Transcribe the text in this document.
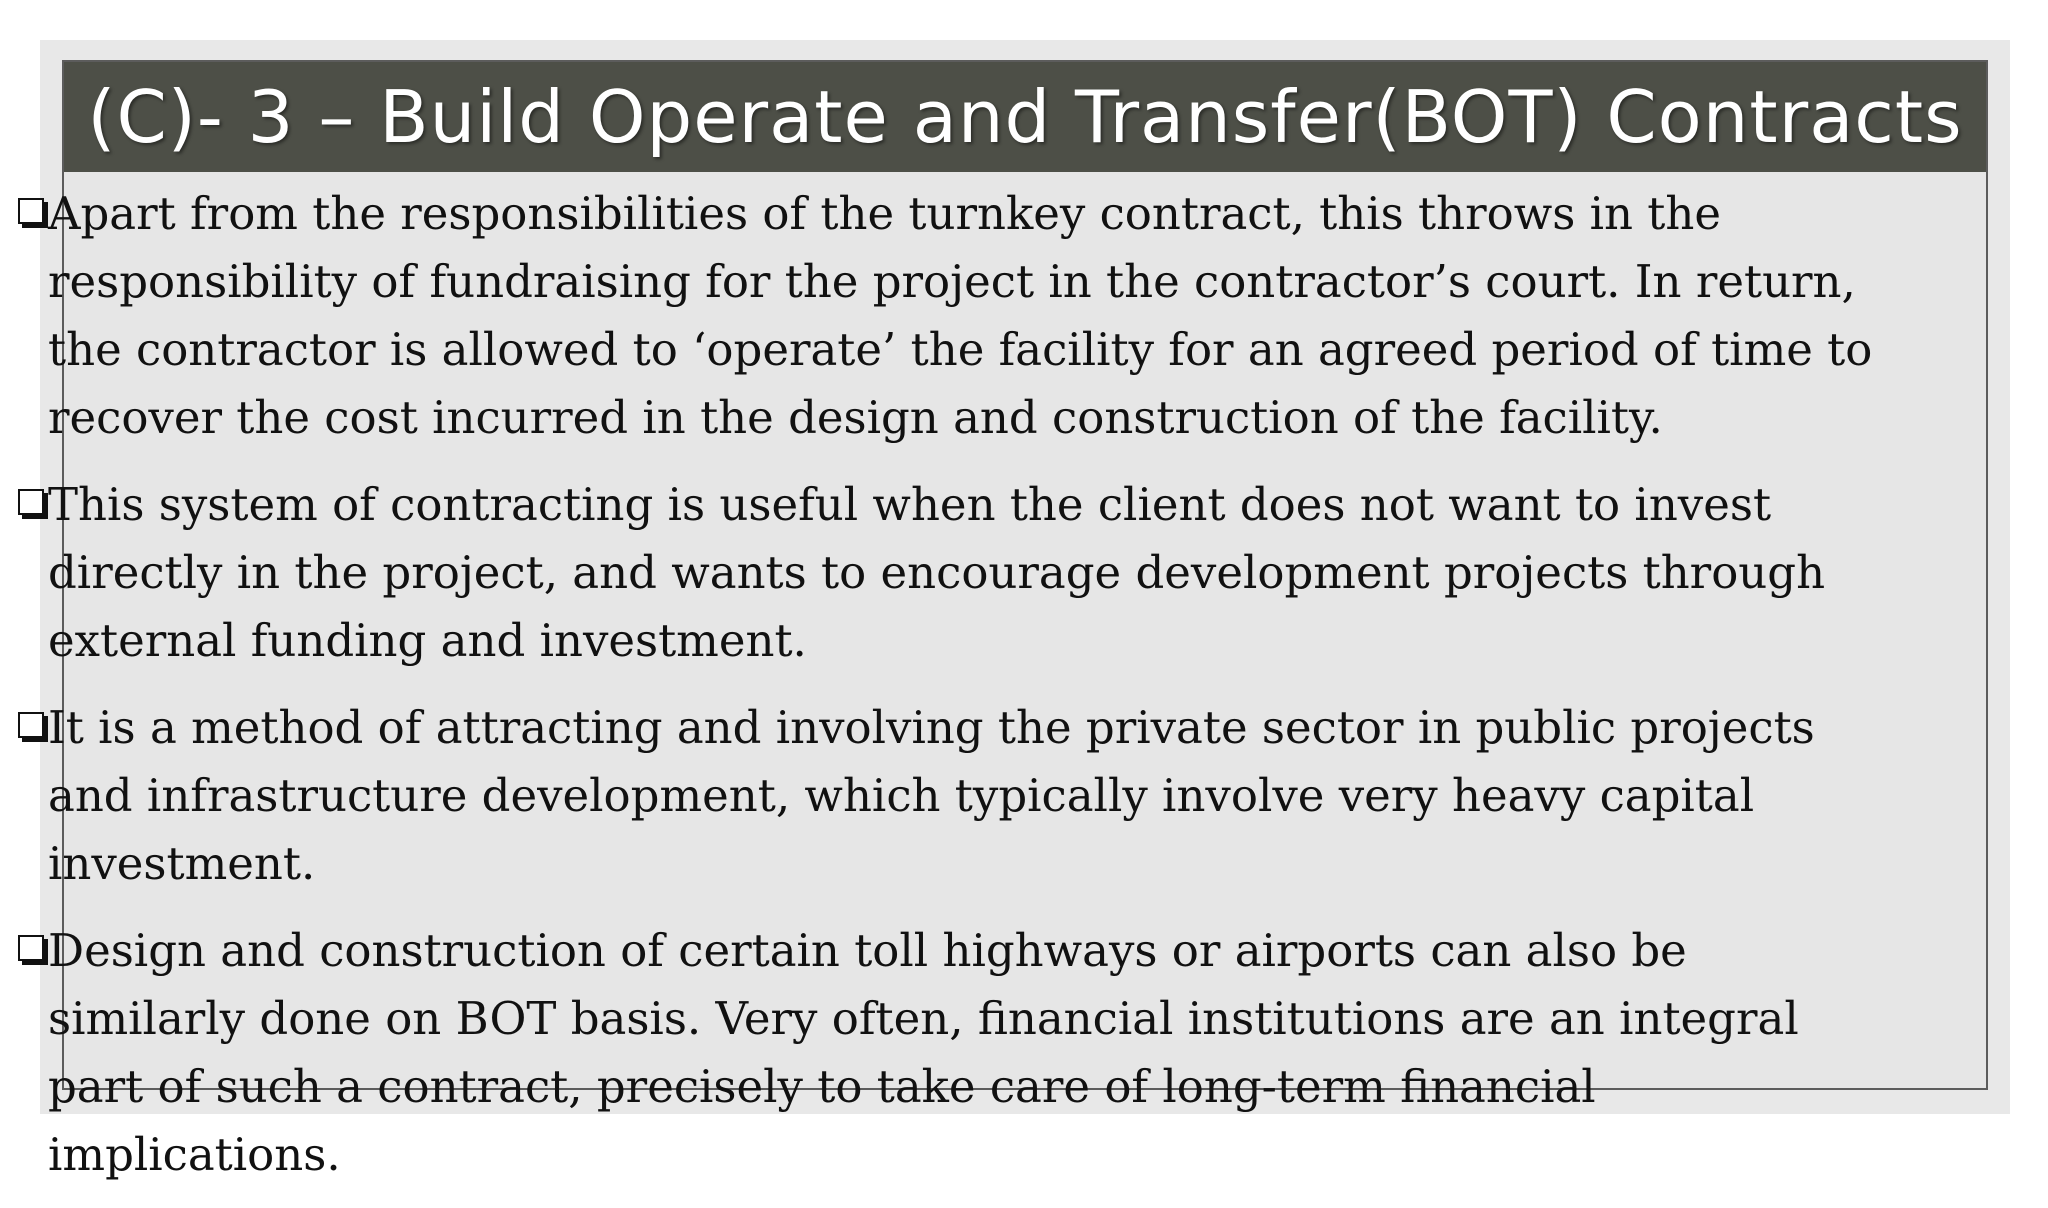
(C)- 3 – Build Operate and Transfer(BOT) Contracts
Apart from the responsibilities of the turnkey contract, this throws in the responsibility of fundraising for the project in the contractor’s court. In return, the contractor is allowed to ‘operate’ the facility for an agreed period of time to recover the cost incurred in the design and construction of the facility.
This system of contracting is useful when the client does not want to invest directly in the project, and wants to encourage development projects through external funding and investment.
It is a method of attracting and involving the private sector in public projects and infrastructure development, which typically involve very heavy capital investment.
Design and construction of certain toll highways or airports can also be similarly done on BOT basis. Very often, financial institutions are an integral part of such a contract, precisely to take care of long-term financial implications.
